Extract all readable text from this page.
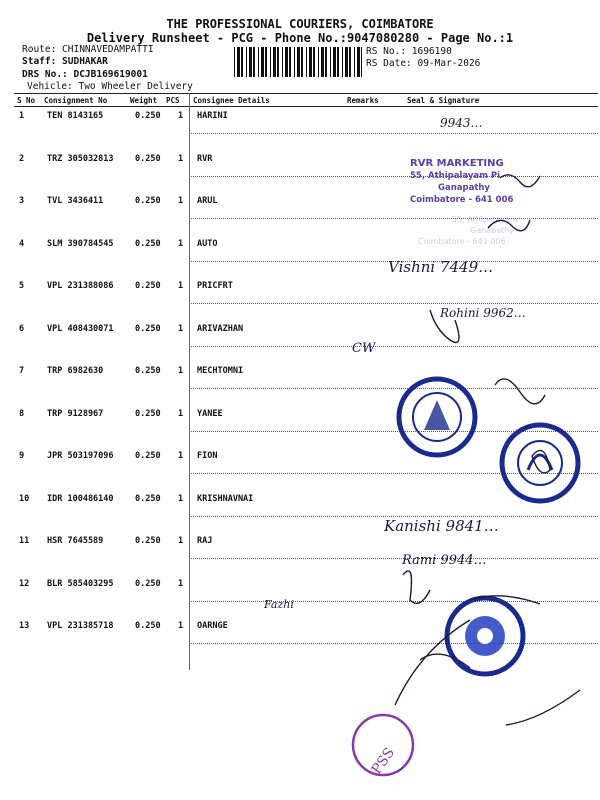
THE PROFESSIONAL COURIERS, COIMBATORE
Delivery Runsheet - PCG - Phone No.:9047080280 - Page No.:1
Route: CHINNAVEDAMPATTI
Staff: SUDHAKAR
DRS No.: DCJB169619001
Vehicle: Two Wheeler Delivery
RS No.: 1696190
RS Date: 09-Mar-2026
S No Consignment No	Weight PCS Consignee Details	Remarks	Seal & Signature
1	TEN 8143165	0.250 1 HARINI
2	TRZ 305032813	0.250 1 RVR
3	TVL 3436411	0.250 1 ARUL
4	SLM 390784545	0.250 1 AUTO
5	VPL 231388086	0.250 1 PRICFRT
6	VPL 408430071	0.250 1 ARIVAZHAN
7	TRP 6982630	0.250 1 MECHTOMNI
8	TRP 9128967	0.250 1 YANEE
9	JPR 503197096	0.250 1 FION
10 IDR 100486140	0.250 1 KRISHNAVNAI
11 HSR 7645589	0.250 1 RAJ
12 BLR 585403295	0.250 1
13 VPL 231385718	0.250 1 OARNGE
9943…
Vishni 7449…
Rohini 9962…
CW
Kanishi 9841…
Rami 9944…
Fazhi
RVR MARKETING
55, Athipalayam Pi
Ganapathy
Coimbatore - 641 006
55, Athipalayam
Ganapathy
Coimbatore - 641 006
PSS
